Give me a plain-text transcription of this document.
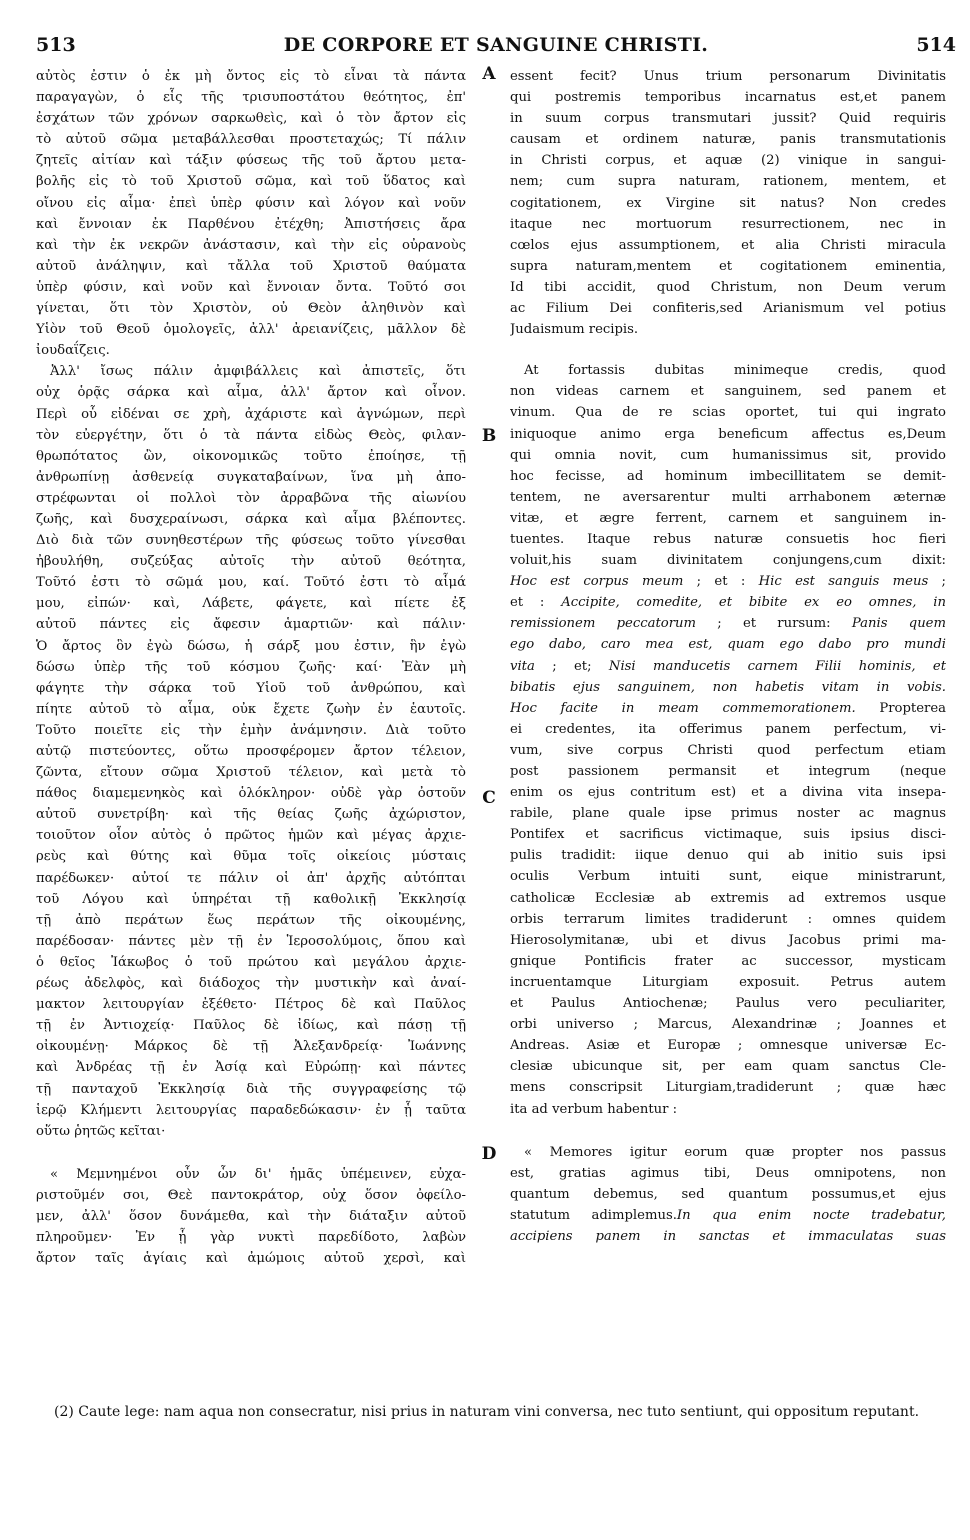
513	DE CORPORE ET SANGUINE CHRISTI.	514
αὐτὸς ἐστιν ὁ ἐκ μὴ ὄντος εἰς τὸ εἶναι τὰ πάντα
παραγαγὼν, ὁ εἷς τῆς τρισυποστάτου θεότητος, ἐπ'
ἐσχάτων τῶν χρόνων σαρκωθεὶς, καὶ ὁ τὸν ἄρτον εἰς
τὸ αὐτοῦ σῶμα μεταβάλλεσθαι προστεταχώς; Τί πάλιν
ζητεῖς αἰτίαν καὶ τάξιν φύσεως τῆς τοῦ ἄρτου μετα-
βολῆς εἰς τὸ τοῦ Χριστοῦ σῶμα, καὶ τοῦ ὕδατος καὶ
οἴνου εἰς αἷμα· ἐπεὶ ὑπὲρ φύσιν καὶ λόγον καὶ νοῦν
καὶ ἔννοιαν ἐκ Παρθένου ἐτέχθη; Ἀπιστήσεις ἄρα
καὶ τὴν ἐκ νεκρῶν ἀνάστασιν, καὶ τὴν εἰς οὐρανοὺς
αὐτοῦ ἀνάληψιν, καὶ τἄλλα τοῦ Χριστοῦ θαύματα
ὑπὲρ φύσιν, καὶ νοῦν καὶ ἔννοιαν ὄντα. Τοῦτό σοι
γίνεται, ὅτι τὸν Χριστὸν, οὐ Θεὸν ἀληθινὸν καὶ
Υἱὸν τοῦ Θεοῦ ὁμολογεῖς, ἀλλ' ἀρειανίζεις, μᾶλλον δὲ
ἰουδαΐζεις.
Ἀλλ' ἴσως πάλιν ἀμφιβάλλεις καὶ ἀπιστεῖς, ὅτι
οὐχ ὁρᾷς σάρκα καὶ αἷμα, ἀλλ' ἄρτον καὶ οἶνον.
Περὶ οὗ εἰδέναι σε χρὴ, ἀχάριστε καὶ ἀγνώμων, περὶ
τὸν εὐεργέτην, ὅτι ὁ τὰ πάντα εἰδὼς Θεὸς, φιλαν-
θρωπότατος ὢν, οἰκονομικῶς τοῦτο ἐποίησε, τῇ
ἀνθρωπίνῃ ἀσθενείᾳ συγκαταβαίνων, ἵνα μὴ ἀπο-
στρέφωνται οἱ πολλοὶ τὸν ἀρραβῶνα τῆς αἰωνίου
ζωῆς, καὶ δυσχεραίνωσι, σάρκα καὶ αἷμα βλέποντες.
Διὸ διὰ τῶν συνηθεστέρων τῆς φύσεως τοῦτο γίνεσθαι
ἠβουλήθη, συζεύξας αὐτοῖς τὴν αὐτοῦ θεότητα,
Τοῦτό ἐστι τὸ σῶμά μου, καί. Τοῦτό ἐστι τὸ αἷμά
μου, εἰπών· καὶ, Λάβετε, φάγετε, καὶ πίετε ἐξ
αὐτοῦ πάντες εἰς ἄφεσιν ἁμαρτιῶν· καὶ πάλιν·
Ὁ ἄρτος ὃν ἐγὼ δώσω, ἡ σάρξ μου ἐστιν, ἣν ἐγὼ
δώσω ὑπὲρ τῆς τοῦ κόσμου ζωῆς· καί· Ἐὰν μὴ
φάγητε τὴν σάρκα τοῦ Υἱοῦ τοῦ ἀνθρώπου, καὶ
πίητε αὐτοῦ τὸ αἷμα, οὐκ ἔχετε ζωὴν ἐν ἑαυτοῖς.
Τοῦτο ποιεῖτε εἰς τὴν ἐμὴν ἀνάμνησιν. Διὰ τοῦτο
αὐτῷ πιστεύοντες, οὕτω προσφέρομεν ἄρτον τέλειον,
ζῶντα, εἴτουν σῶμα Χριστοῦ τέλειον, καὶ μετὰ τὸ
πάθος διαμεμενηκὸς καὶ ὁλόκληρον· οὐδὲ γὰρ ὀστοῦν
αὐτοῦ συνετρίβη· καὶ τῆς θείας ζωῆς ἀχώριστον,
τοιοῦτον οἷον αὐτὸς ὁ πρῶτος ἡμῶν καὶ μέγας ἀρχιε-
ρεὺς καὶ θύτης καὶ θῦμα τοῖς οἰκείοις μύσταις
παρέδωκεν· αὐτοί τε πάλιν οἱ ἀπ' ἀρχῆς αὐτόπται
τοῦ Λόγου καὶ ὑπηρέται τῇ καθολικῇ Ἐκκλησίᾳ
τῇ ἀπὸ περάτων ἕως περάτων τῆς οἰκουμένης,
παρέδοσαν· πάντες μὲν τῇ ἐν Ἱεροσολύμοις, ὅπου καὶ
ὁ θεῖος Ἰάκωβος ὁ τοῦ πρώτου καὶ μεγάλου ἀρχιε-
ρέως ἀδελφὸς, καὶ διάδοχος τὴν μυστικὴν καὶ ἀναί-
μακτον λειτουργίαν ἐξέθετο· Πέτρος δὲ καὶ Παῦλος
τῇ ἐν Ἀντιοχείᾳ· Παῦλος δὲ ἰδίως, καὶ πάσῃ τῇ
οἰκουμένῃ· Μάρκος δὲ τῇ Ἀλεξανδρείᾳ· Ἰωάννης
καὶ Ἀνδρέας τῇ ἐν Ἀσίᾳ καὶ Εὐρώπῃ· καὶ πάντες
τῇ πανταχοῦ Ἐκκλησίᾳ διὰ τῆς συγγραφείσης τῷ
ἱερῷ Κλήμεντι λειτουργίας παραδεδώκασιν· ἐν ᾗ ταῦτα
οὕτω ῥητῶς κεῖται·
« Μεμνημένοι οὖν ὧν δι' ἡμᾶς ὑπέμεινεν, εὐχα-
ριστοῦμέν σοι, Θεὲ παντοκράτορ, οὐχ ὅσον ὀφείλο-
μεν, ἀλλ' ὅσον δυνάμεθα, καὶ τὴν διάταξιν αὐτοῦ
πληροῦμεν· Ἐν ᾗ γὰρ νυκτὶ παρεδίδοτο, λαβὼν
ἄρτον ταῖς ἁγίαις καὶ ἀμώμοις αὐτοῦ χερσὶ, καὶ
essent fecit? Unus trium personarum Divinitatis
qui postremis temporibus incarnatus est,et panem
in suum corpus transmutari jussit? Quid requiris
causam et ordinem naturæ, panis transmutationis
in Christi corpus, et aquæ (2) vinique in sangui-
nem; cum supra naturam, rationem, mentem, et
cogitationem, ex Virgine sit natus? Non credes
itaque nec mortuorum resurrectionem, nec in
cœlos ejus assumptionem, et alia Christi miracula
supra naturam,mentem et cogitationem eminentia,
Id tibi accidit, quod Christum, non Deum verum
ac Filium Dei confiteris,sed Arianismum vel potius
Judaismum recipis.
At fortassis dubitas minimeque credis, quod
non videas carnem et sanguinem, sed panem et
vinum. Qua de re scias oportet, tui qui ingrato
iniquoque animo erga beneficum affectus es,Deum
qui omnia novit, cum humanissimus sit, provido
hoc fecisse, ad hominum imbecillitatem se demit-
tentem, ne aversarentur multi arrhabonem æternæ
vitæ, et ægre ferrent, carnem et sanguinem in-
tuentes. Itaque rebus naturæ consuetis hoc fieri
voluit,his suam divinitatem conjungens,cum dixit:
Hoc est corpus meum ; et : Hic est sanguis meus ;
et : Accipite, comedite, et bibite ex eo omnes, in
remissionem peccatorum ; et rursum: Panis quem
ego dabo, caro mea est, quam ego dabo pro mundi
vita ; et; Nisi manducetis carnem Filii hominis, et
bibatis ejus sanguinem, non habetis vitam in vobis.
Hoc facite in meam commemorationem. Propterea
ei credentes, ita offerimus panem perfectum, vi-
vum, sive corpus Christi quod perfectum etiam
post passionem permansit et integrum (neque
enim os ejus contritum est) et a divina vita insepa-
rabile, plane quale ipse primus noster ac magnus
Pontifex et sacrificus victimaque, suis ipsius disci-
pulis tradidit: iique denuo qui ab initio suis ipsi
oculis Verbum intuiti sunt, eique ministrarunt,
catholicæ Ecclesiæ ab extremis ad extremos usque
orbis terrarum limites tradiderunt : omnes quidem
Hierosolymitanæ, ubi et divus Jacobus primi ma-
gnique Pontificis frater ac successor, mysticam
incruentamque Liturgiam exposuit. Petrus autem
et Paulus Antiochenæ; Paulus vero peculiariter,
orbi universo ; Marcus, Alexandrinæ ; Joannes et
Andreas. Asiæ et Europæ ; omnesque universæ Ec-
clesiæ ubicunque sit, per eam quam sanctus Cle-
mens conscripsit Liturgiam,tradiderunt ; quæ hæc
ita ad verbum habentur :
« Memores igitur eorum quæ propter nos passus
est, gratias agimus tibi, Deus omnipotens, non
quantum debemus, sed quantum possumus,et ejus
statutum adimplemus.In qua enim nocte tradebatur,
accipiens panem in sanctas et immaculatas suas
A
B
C
D
(2) Caute lege: nam aqua non consecratur, nisi prius in naturam vini conversa, nec tuto sentiunt, qui oppositum reputant.
